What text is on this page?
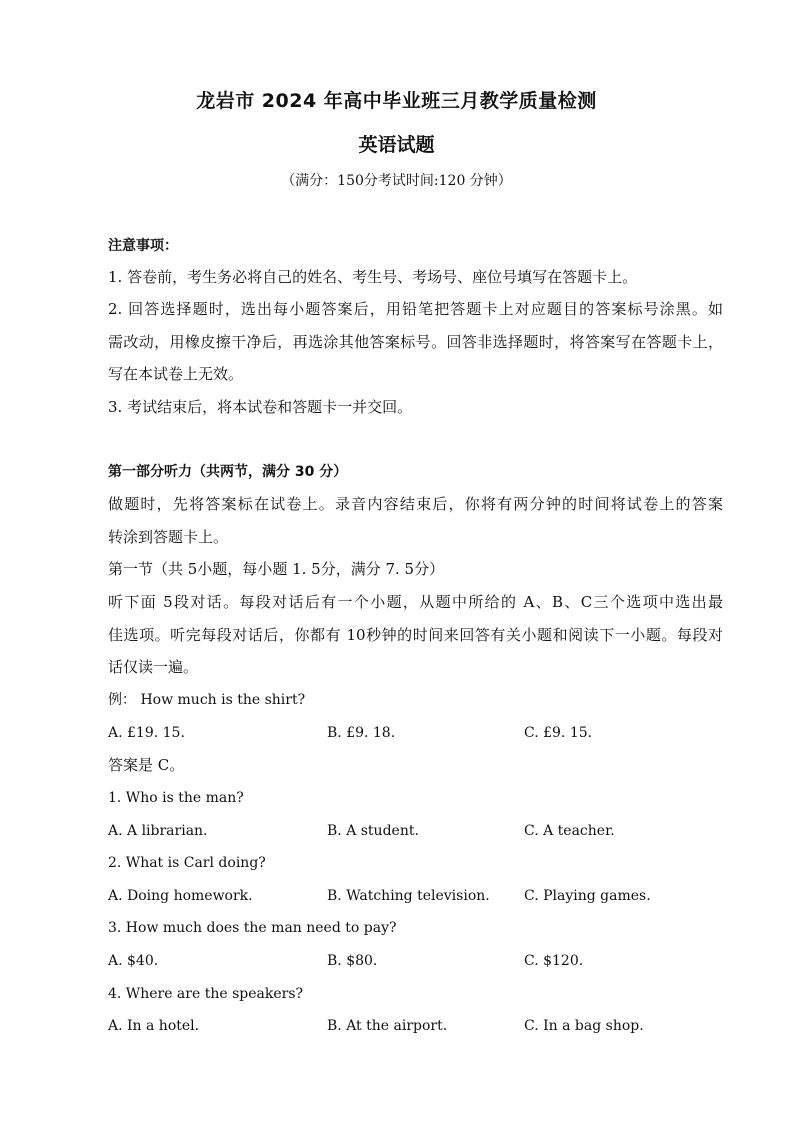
龙岩市 2024 年高中毕业班三月教学质量检测
英语试题
（满分：150分考试时间:120 分钟）
注意事项：
1. 答卷前，考生务必将自己的姓名、考生号、考场号、座位号填写在答题卡上。
2. 回答选择题时，选出每小题答案后，用铅笔把答题卡上对应题目的答案标号涂黑。如
需改动，用橡皮擦干净后，再选涂其他答案标号。回答非选择题时，将答案写在答题卡上，
写在本试卷上无效。
3. 考试结束后，将本试卷和答题卡一并交回。
第一部分听力（共两节，满分 30 分）
做题时，先将答案标在试卷上。录音内容结束后，你将有两分钟的时间将试卷上的答案
转涂到答题卡上。
第一节（共 5小题，每小题 1. 5分，满分 7. 5分）
听下面 5段对话。每段对话后有一个小题，从题中所给的 A、B、C三个选项中选出最
佳选项。听完每段对话后，你都有 10秒钟的时间来回答有关小题和阅读下一小题。每段对
话仅读一遍。
例： How much is the shirt?
A. £19. 15.	B. £9. 18.	C. £9. 15.
答案是 C。
1. Who is the man?
A. A librarian.	B. A student.	C. A teacher.
2. What is Carl doing?
A. Doing homework.	B. Watching television. C. Playing games.
3. How much does the man need to pay?
A. $40.	B. $80.	C. $120.
4. Where are the speakers?
A. In a hotel.	B. At the airport.	C. In a bag shop.
